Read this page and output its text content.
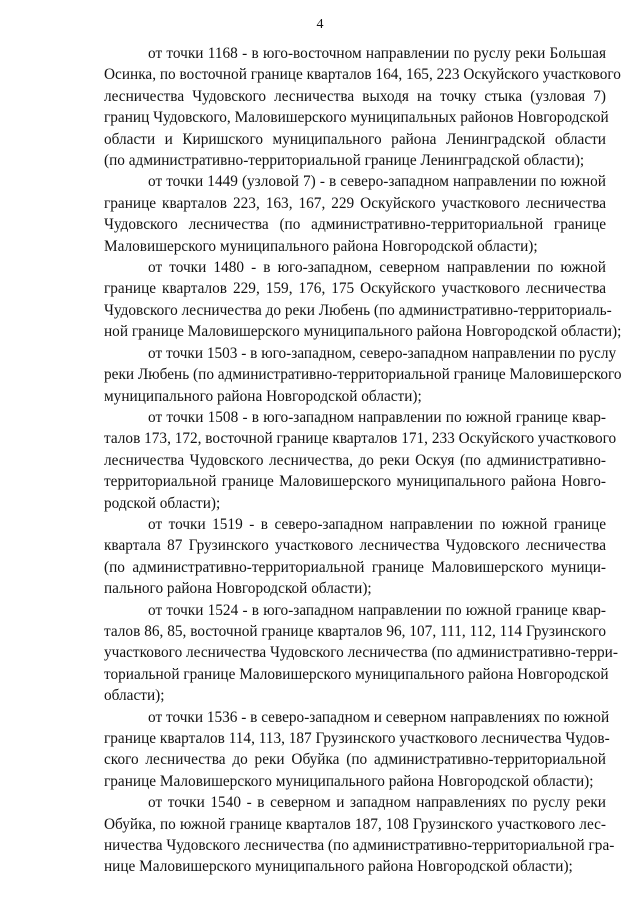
4

от точки 1168 - в юго-восточном направлении по руслу реки Большая
Осинка, по восточной границе кварталов 164, 165, 223 Оскуйского участкового
лесничества Чудовского лесничества выходя на точку стыка (узловая 7)
границ Чудовского, Маловишерского муниципальных районов Новгородской
области и Киришского муниципального района Ленинградской области
(по административно-территориальной границе Ленинградской области);

от точки 1449 (узловой 7) - в северо-западном направлении по южной
границе кварталов 223, 163, 167, 229 Оскуйского участкового лесничества
Чудовского лесничества (по административно-территориальной границе
Маловишерского муниципального района Новгородской области);

от точки 1480 - в юго-западном, северном направлении по южной
границе кварталов 229, 159, 176, 175 Оскуйского участкового лесничества
Чудовского лесничества до реки Любень (по административно-территориаль-
ной границе Маловишерского муниципального района Новгородской области);

от точки 1503 - в юго-западном, северо-западном направлении по руслу
реки Любень (по административно-территориальной границе Маловишерского
муниципального района Новгородской области);

от точки 1508 - в юго-западном направлении по южной границе квар-
талов 173, 172, восточной границе кварталов 171, 233 Оскуйского участкового
лесничества Чудовского лесничества, до реки Оскуя (по административно-
территориальной границе Маловишерского муниципального района Новго-
родской области);

от точки 1519 - в северо-западном направлении по южной границе
квартала 87 Грузинского участкового лесничества Чудовского лесничества
(по административно-территориальной границе Маловишерского муници-
пального района Новгородской области);

от точки 1524 - в юго-западном направлении по южной границе квар-
талов 86, 85, восточной границе кварталов 96, 107, 111, 112, 114 Грузинского
участкового лесничества Чудовского лесничества (по административно-терри-
ториальной границе Маловишерского муниципального района Новгородской
области);

от точки 1536 - в северо-западном и северном направлениях по южной
границе кварталов 114, 113, 187 Грузинского участкового лесничества Чудов-
ского лесничества до реки Обуйка (по административно-территориальной
границе Маловишерского муниципального района Новгородской области);

от точки 1540 - в северном и западном направлениях по руслу реки
Обуйка, по южной границе кварталов 187, 108 Грузинского участкового лес-
ничества Чудовского лесничества (по административно-территориальной гра-
нице Маловишерского муниципального района Новгородской области);
